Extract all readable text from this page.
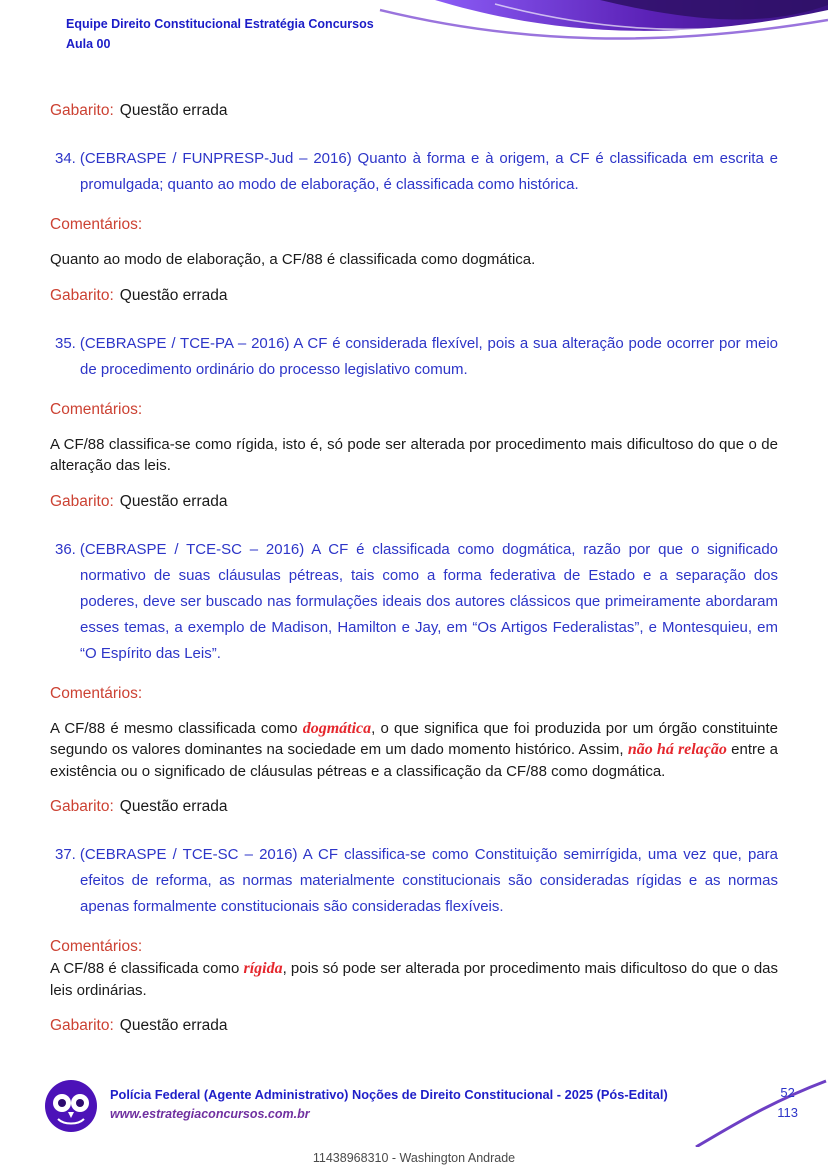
Equipe Direito Constitucional Estratégia Concursos
Aula 00

Gabarito: Questão errada

34. (CEBRASPE / FUNPRESP-Jud – 2016) Quanto à forma e à origem, a CF é classificada em escrita e promulgada; quanto ao modo de elaboração, é classificada como histórica.

Comentários:

Quanto ao modo de elaboração, a CF/88 é classificada como dogmática.

Gabarito: Questão errada

35. (CEBRASPE / TCE-PA – 2016) A CF é considerada flexível, pois a sua alteração pode ocorrer por meio de procedimento ordinário do processo legislativo comum.

Comentários:

A CF/88 classifica-se como rígida, isto é, só pode ser alterada por procedimento mais dificultoso do que o de alteração das leis.

Gabarito: Questão errada

36. (CEBRASPE / TCE-SC – 2016) A CF é classificada como dogmática, razão por que o significado normativo de suas cláusulas pétreas, tais como a forma federativa de Estado e a separação dos poderes, deve ser buscado nas formulações ideais dos autores clássicos que primeiramente abordaram esses temas, a exemplo de Madison, Hamilton e Jay, em “Os Artigos Federalistas”, e Montesquieu, em “O Espírito das Leis”.

Comentários:

A CF/88 é mesmo classificada como dogmática, o que significa que foi produzida por um órgão constituinte segundo os valores dominantes na sociedade em um dado momento histórico. Assim, não há relação entre a existência ou o significado de cláusulas pétreas e a classificação da CF/88 como dogmática.

Gabarito: Questão errada

37. (CEBRASPE / TCE-SC – 2016) A CF classifica-se como Constituição semirrígida, uma vez que, para efeitos de reforma, as normas materialmente constitucionais são consideradas rígidas e as normas apenas formalmente constitucionais são consideradas flexíveis.

Comentários:

A CF/88 é classificada como rígida, pois só pode ser alterada por procedimento mais dificultoso do que o das leis ordinárias.

Gabarito: Questão errada

Polícia Federal (Agente Administrativo) Noções de Direito Constitucional - 2025 (Pós-Edital)
www.estrategiaconcursos.com.br
52
113
11438968310 - Washington Andrade
